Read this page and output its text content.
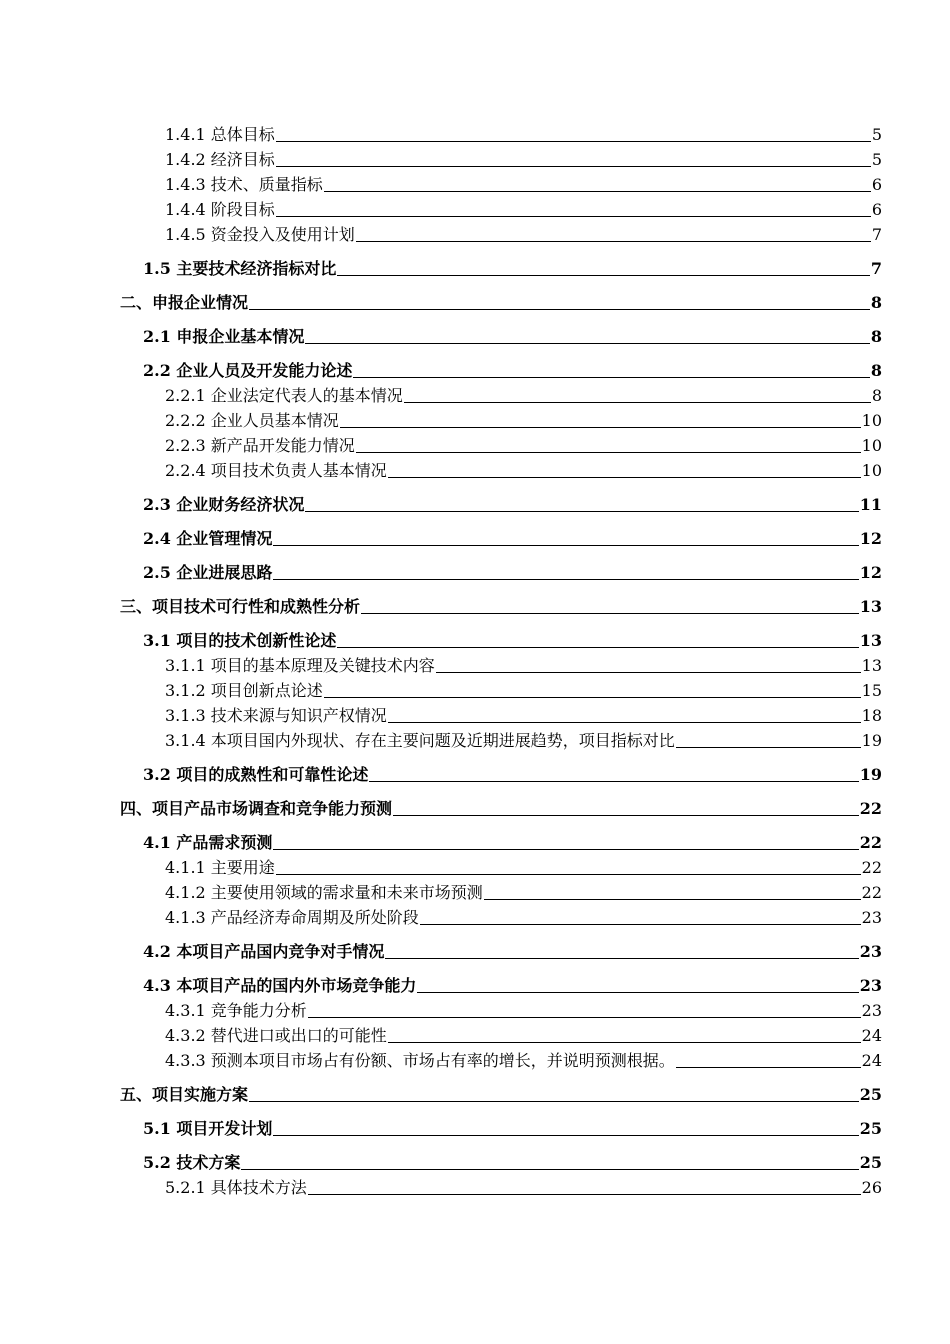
1.4.1 总体目标	5
1.4.2 经济目标	5
1.4.3 技术、质量指标	6
1.4.4 阶段目标	6
1.4.5 资金投入及使用计划	7
1.5 主要技术经济指标对比	7
二、申报企业情况	8
2.1 申报企业基本情况	8
2.2 企业人员及开发能力论述	8
2.2.1 企业法定代表人的基本情况	8
2.2.2 企业人员基本情况	10
2.2.3 新产品开发能力情况	10
2.2.4 项目技术负责人基本情况	10
2.3 企业财务经济状况	11
2.4 企业管理情况	12
2.5 企业进展思路	12
三、项目技术可行性和成熟性分析	13
3.1 项目的技术创新性论述	13
3.1.1 项目的基本原理及关键技术内容	13
3.1.2 项目创新点论述	15
3.1.3 技术来源与知识产权情况	18
3.1.4 本项目国内外现状、存在主要问题及近期进展趋势，项目指标对比	19
3.2 项目的成熟性和可靠性论述	19
四、项目产品市场调查和竞争能力预测	22
4.1 产品需求预测	22
4.1.1 主要用途	22
4.1.2 主要使用领域的需求量和未来市场预测	22
4.1.3 产品经济寿命周期及所处阶段	23
4.2 本项目产品国内竞争对手情况	23
4.3 本项目产品的国内外市场竞争能力	23
4.3.1 竞争能力分析	23
4.3.2 替代进口或出口的可能性	24
4.3.3 预测本项目市场占有份额、市场占有率的增长，并说明预测根据。	24
五、项目实施方案	25
5.1 项目开发计划	25
5.2 技术方案	25
5.2.1 具体技术方法	26
